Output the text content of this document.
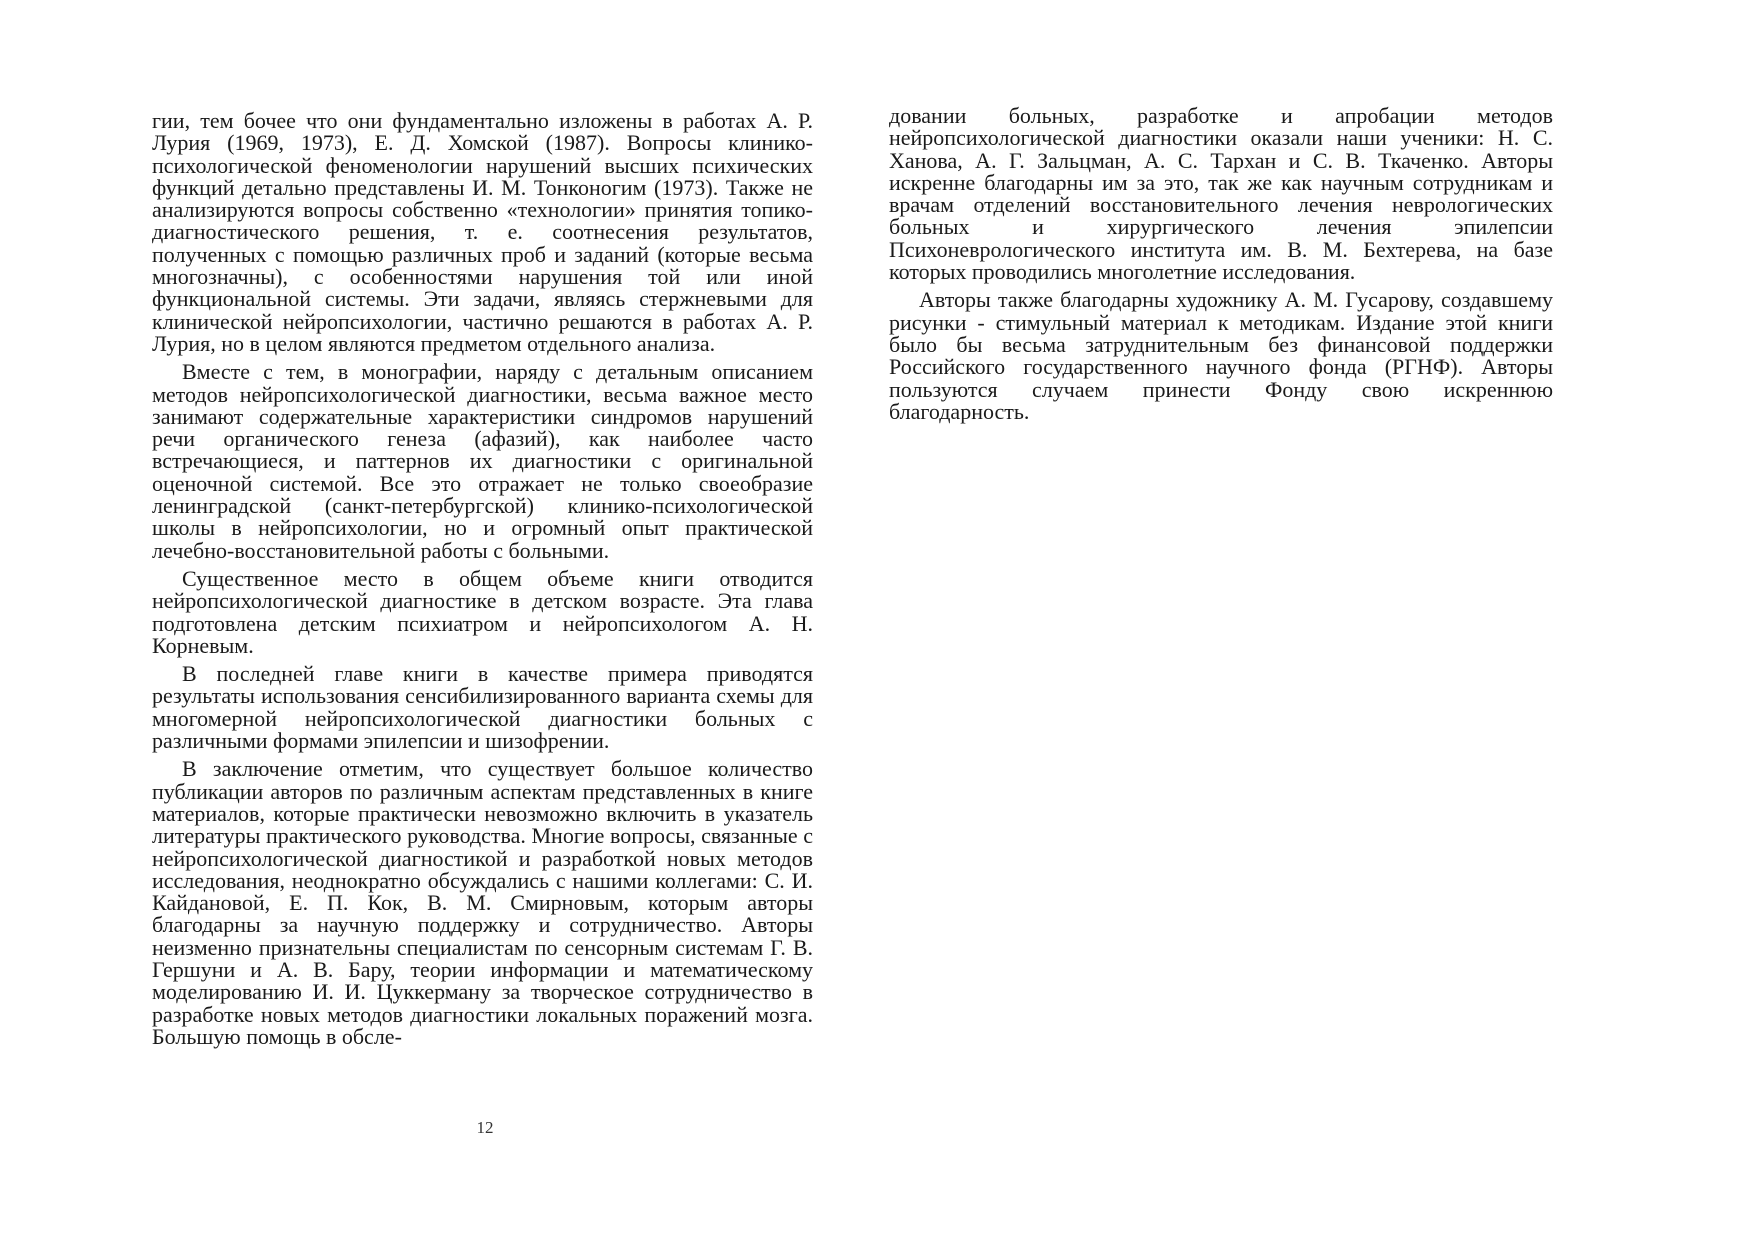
гии, тем бочее что они фундаментально изложены в работах А. Р. Лурия (1969, 1973), Е. Д. Хомской (1987). Вопросы клинико-психологической феноменологии нарушений высших психических функций детально представлены И. М. Тонконогим (1973). Также не анализируются вопросы собственно «технологии» принятия топико-диагностического решения, т. е. соотнесения результатов, полученных с помощью различных проб и заданий (которые весьма многозначны), с особенностями нарушения той или иной функциональной системы. Эти задачи, являясь стержневыми для клинической нейропсихологии, частично решаются в работах А. Р. Лурия, но в целом являются предметом отдельного анализа.

Вместе с тем, в монографии, наряду с детальным описанием методов нейропсихологической диагностики, весьма важное место занимают содержательные характеристики синдромов нарушений речи органического генеза (афазий), как наиболее часто встречающиеся, и паттернов их диагностики с оригинальной оценочной системой. Все это отражает не только своеобразие ленинградской (санкт-петербургской) клинико-психологической школы в нейропсихологии, но и огромный опыт практической лечебно-восстановительной работы с больными.

Существенное место в общем объеме книги отводится нейропсихологической диагностике в детском возрасте. Эта глава подготовлена детским психиатром и нейропсихологом А. Н. Корневым.

В последней главе книги в качестве примера приводятся результаты использования сенсибилизированного варианта схемы для многомерной нейропсихологической диагностики больных с различными формами эпилепсии и шизофрении.

В заключение отметим, что существует большое количество публикации авторов по различным аспектам представленных в книге материалов, которые практически невозможно включить в указатель литературы практического руководства. Многие вопросы, связанные с нейропсихологической диагностикой и разработкой новых методов исследования, неоднократно обсуждались с нашими коллегами: С. И. Кайдановой, Е. П. Кок, В. М. Смирновым, которым авторы благодарны за научную поддержку и сотрудничество. Авторы неизменно признательны специалистам по сенсорным системам Г. В. Гершуни и А. В. Бару, теории информации и математическому моделированию И. И. Цуккерману за творческое сотрудничество в разработке новых методов диагностики локальных поражений мозга. Большую помощь в обсле-

довании больных, разработке и апробации методов нейропсихологической диагностики оказали наши ученики: Н. С. Ханова, А. Г. Зальцман, А. С. Тархан и С. В. Ткаченко. Авторы искренне благодарны им за это, так же как научным сотрудникам и врачам отделений восстановительного лечения неврологических больных и хирургического лечения эпилепсии Психоневрологического института им. В. М. Бехтерева, на базе которых проводились многолетние исследования.

Авторы также благодарны художнику А. М. Гусарову, создавшему рисунки - стимульный материал к методикам. Издание этой книги было бы весьма затруднительным без финансовой поддержки Российского государственного научного фонда (РГНФ). Авторы пользуются случаем принести Фонду свою искреннюю благодарность.

12
